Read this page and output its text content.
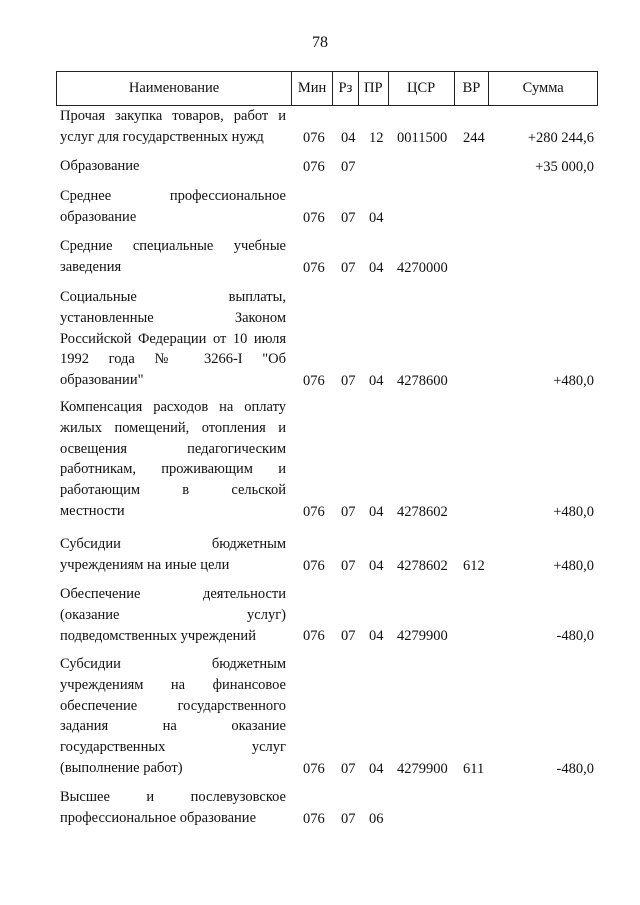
78
Наименование	Мин Рз ПР	ЦСР	ВР	Сумма
Прочая закупка товаров, работ и
услуг для государственных нужд	076 04 12 0011500 244	+280 244,6
Образование	076 07	+35 000,0
Среднее профессиональное
образование	076 07 04
Средние специальные учебные
заведения	076 07 04 4270000
Социальные выплаты,
установленные Законом
Российской Федерации от 10 июля
1992 года № 3266-I "Об
образовании"	076 07 04 4278600	+480,0
Компенсация расходов на оплату
жилых помещений, отопления и
освещения педагогическим
работникам, проживающим и
работающим в сельской
местности	076 07 04 4278602	+480,0
Субсидии бюджетным
учреждениям на иные цели	076 07 04 4278602 612	+480,0
Обеспечение деятельности
(оказание услуг)
подведомственных учреждений	076 07 04 4279900	-480,0
Субсидии бюджетным
учреждениям на финансовое
обеспечение государственного
задания на оказание
государственных услуг
(выполнение работ)	076 07 04 4279900 611	-480,0
Высшее и послевузовское
профессиональное образование	076 07 06
